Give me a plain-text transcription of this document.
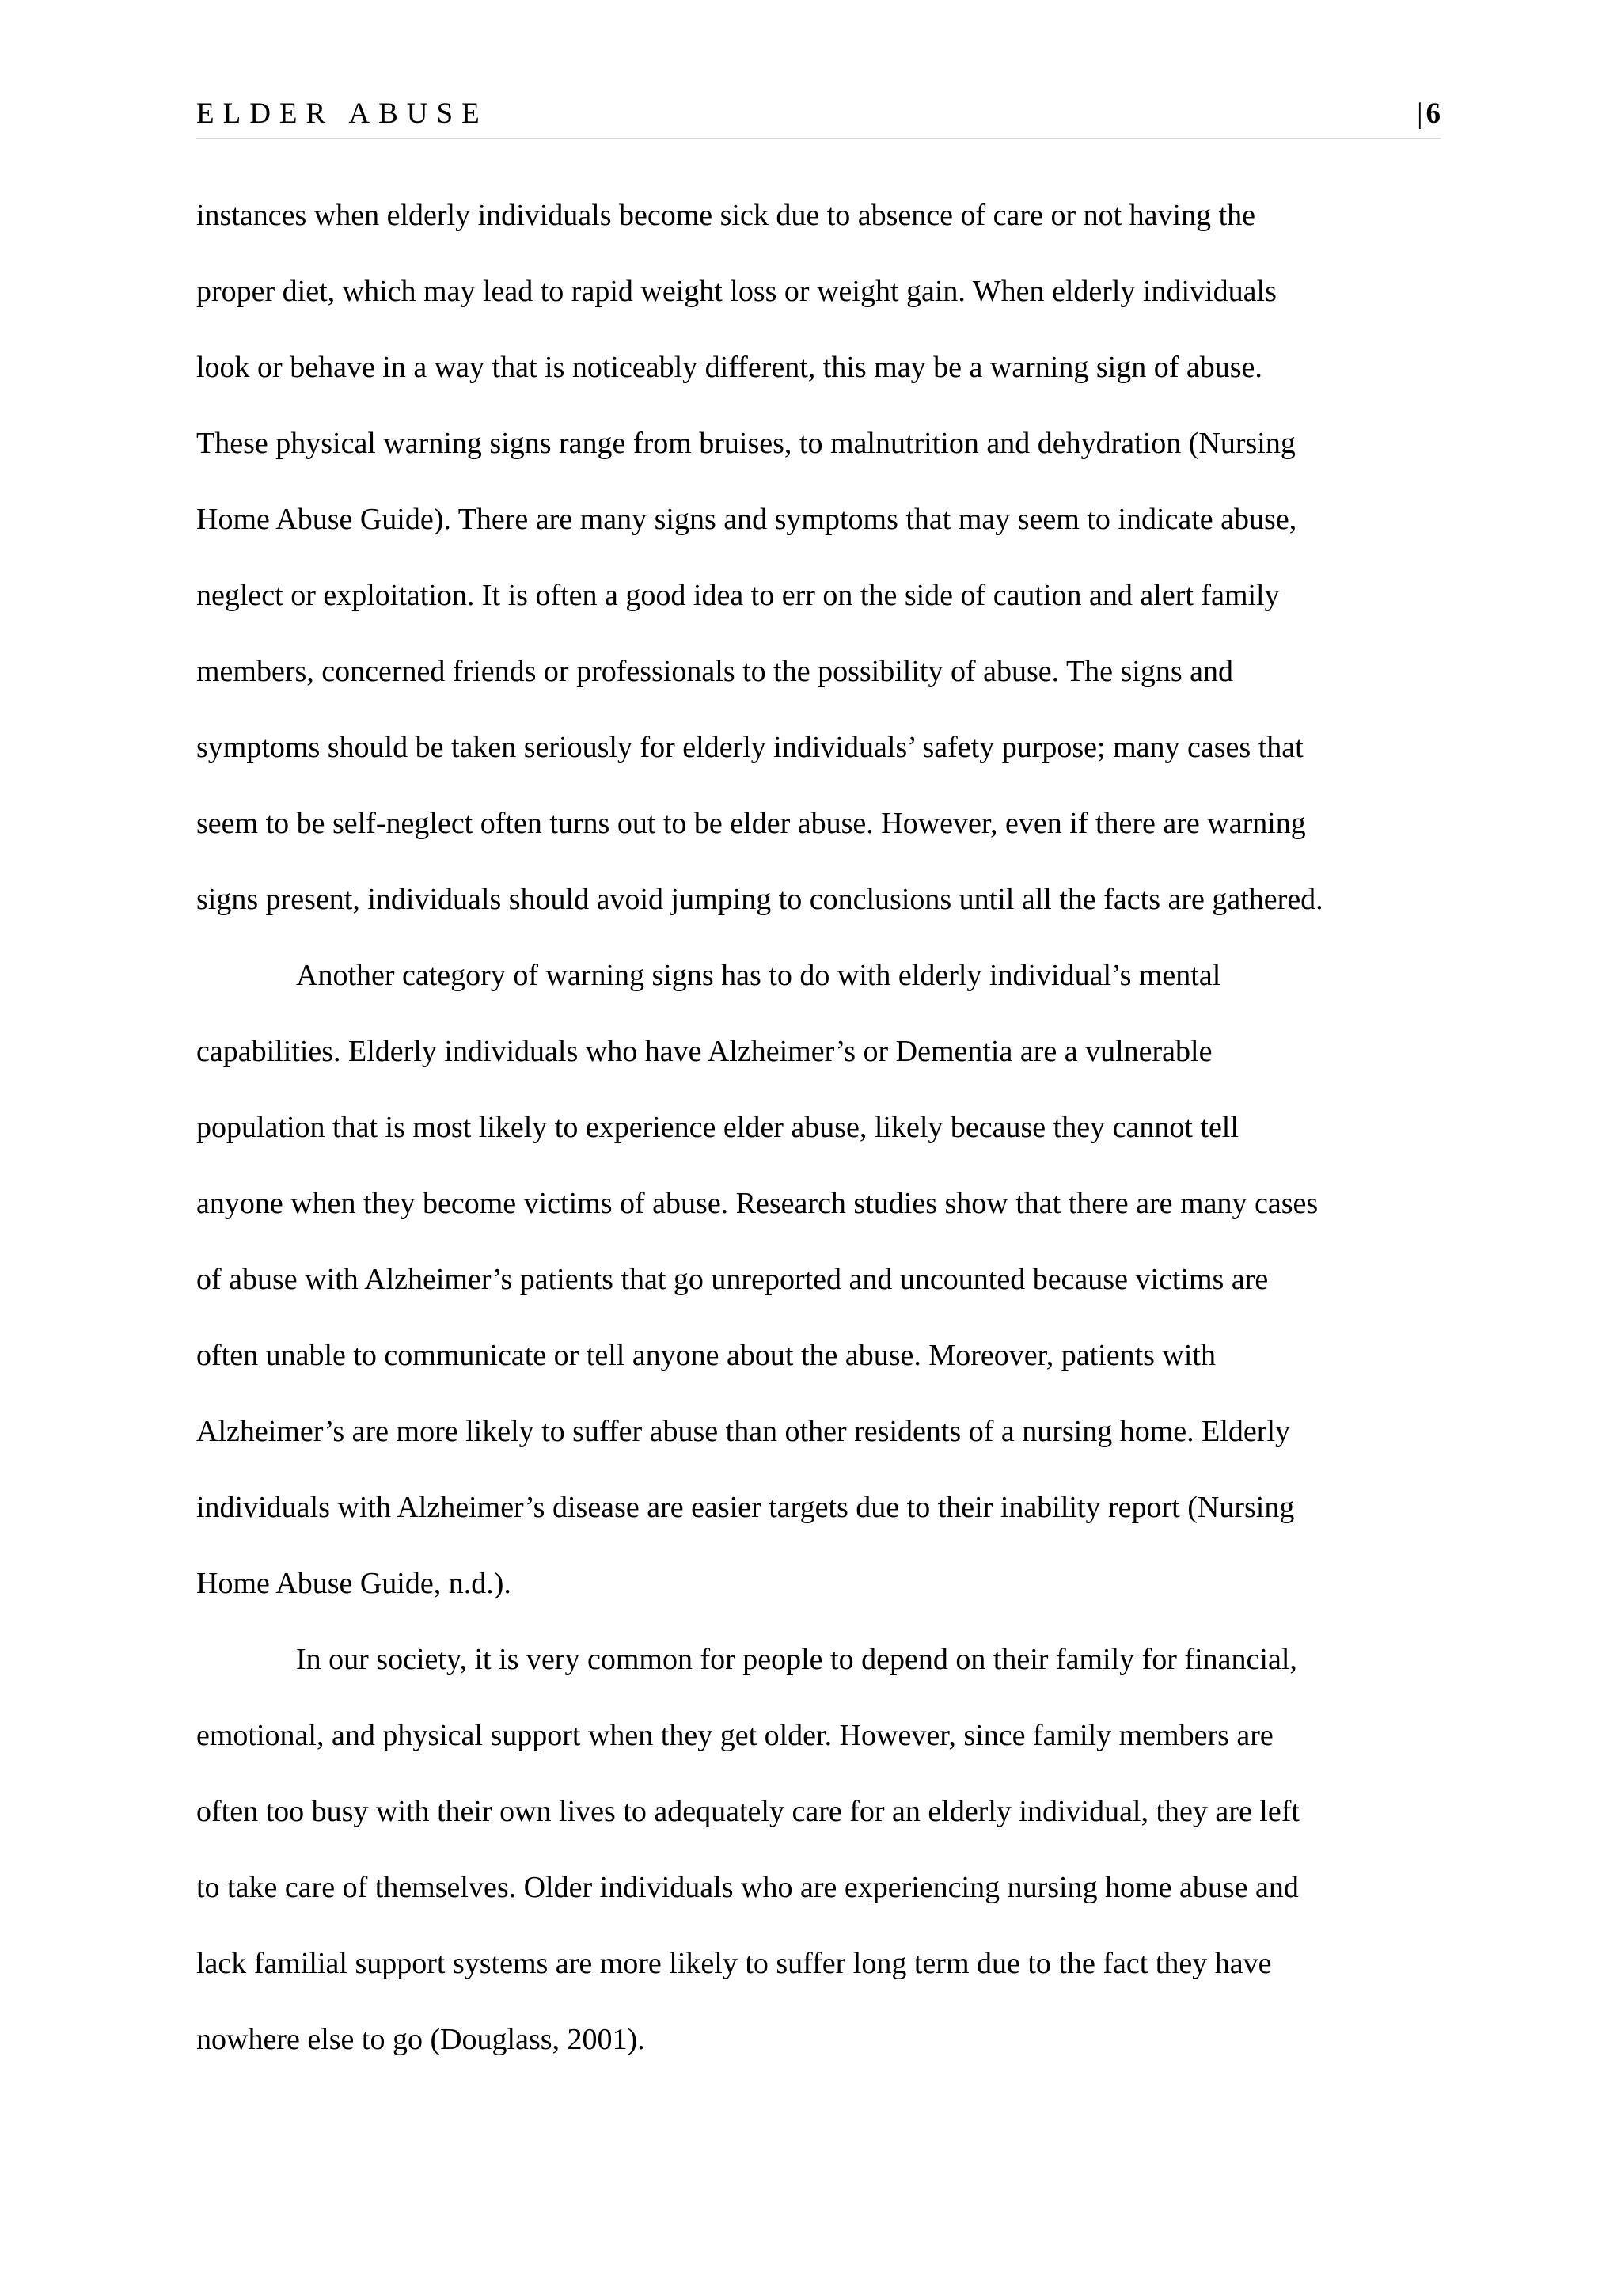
ELDER ABUSE	| 6
instances when elderly individuals become sick due to absence of care or not having the
proper diet, which may lead to rapid weight loss or weight gain. When elderly individuals
look or behave in a way that is noticeably different, this may be a warning sign of abuse.
These physical warning signs range from bruises, to malnutrition and dehydration (Nursing
Home Abuse Guide). There are many signs and symptoms that may seem to indicate abuse,
neglect or exploitation. It is often a good idea to err on the side of caution and alert family
members, concerned friends or professionals to the possibility of abuse. The signs and
symptoms should be taken seriously for elderly individuals’ safety purpose; many cases that
seem to be self-neglect often turns out to be elder abuse. However, even if there are warning
signs present, individuals should avoid jumping to conclusions until all the facts are gathered.
Another category of warning signs has to do with elderly individual’s mental
capabilities. Elderly individuals who have Alzheimer’s or Dementia are a vulnerable
population that is most likely to experience elder abuse, likely because they cannot tell
anyone when they become victims of abuse. Research studies show that there are many cases
of abuse with Alzheimer’s patients that go unreported and uncounted because victims are
often unable to communicate or tell anyone about the abuse. Moreover, patients with
Alzheimer’s are more likely to suffer abuse than other residents of a nursing home. Elderly
individuals with Alzheimer’s disease are easier targets due to their inability report (Nursing
Home Abuse Guide, n.d.).
In our society, it is very common for people to depend on their family for financial,
emotional, and physical support when they get older. However, since family members are
often too busy with their own lives to adequately care for an elderly individual, they are left
to take care of themselves. Older individuals who are experiencing nursing home abuse and
lack familial support systems are more likely to suffer long term due to the fact they have
nowhere else to go (Douglass, 2001).
